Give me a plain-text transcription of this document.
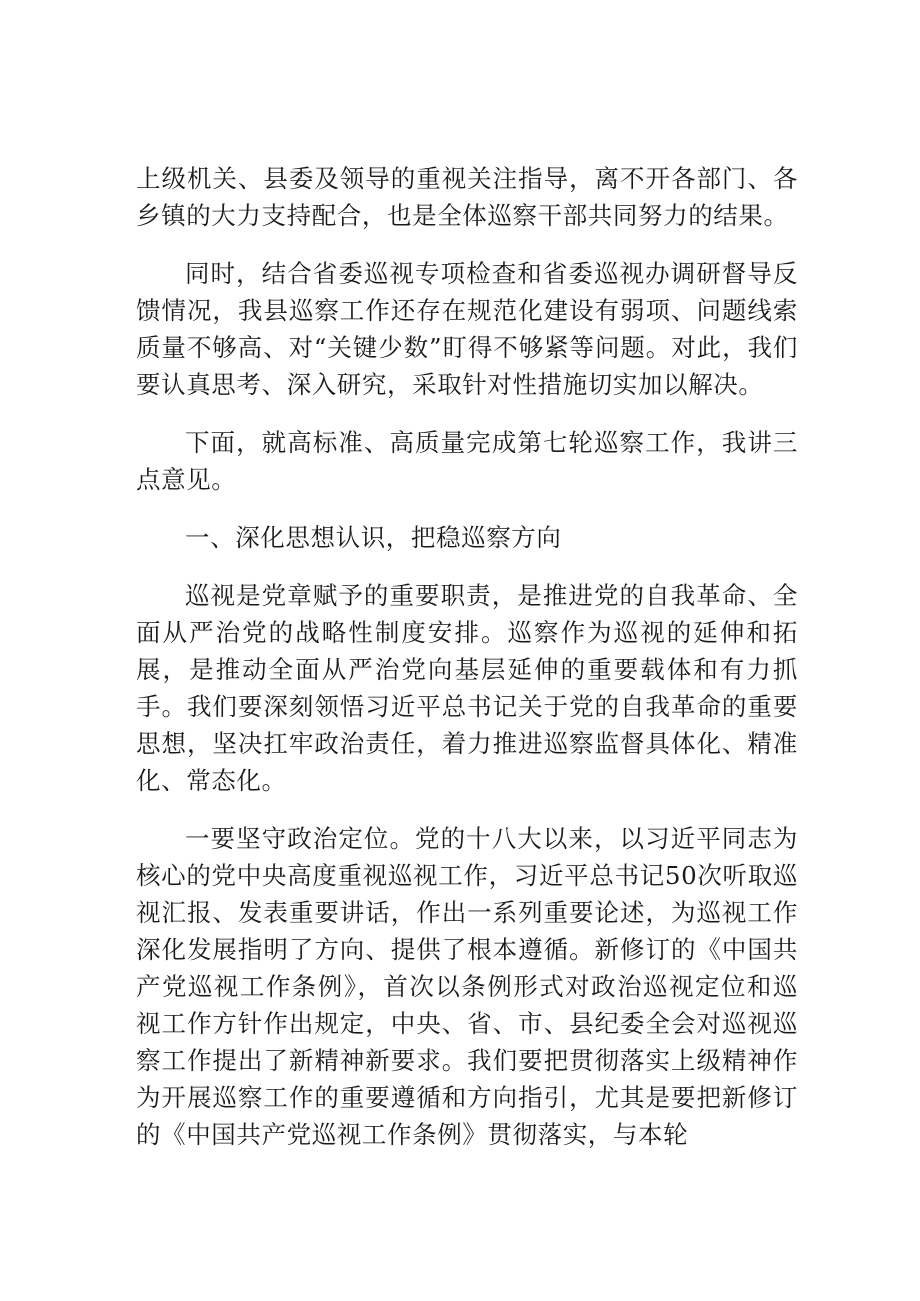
上级机关、县委及领导的重视关注指导，离不开各部门、各乡镇的大力支持配合，也是全体巡察干部共同努力的结果。

同时，结合省委巡视专项检查和省委巡视办调研督导反馈情况，我县巡察工作还存在规范化建设有弱项、问题线索质量不够高、对“关键少数”盯得不够紧等问题。对此，我们要认真思考、深入研究，采取针对性措施切实加以解决。

下面，就高标准、高质量完成第七轮巡察工作，我讲三点意见。

一、深化思想认识，把稳巡察方向

巡视是党章赋予的重要职责，是推进党的自我革命、全面从严治党的战略性制度安排。巡察作为巡视的延伸和拓展，是推动全面从严治党向基层延伸的重要载体和有力抓手。我们要深刻领悟习近平总书记关于党的自我革命的重要思想，坚决扛牢政治责任，着力推进巡察监督具体化、精准化、常态化。

一要坚守政治定位。党的十八大以来，以习近平同志为核心的党中央高度重视巡视工作，习近平总书记50次听取巡视汇报、发表重要讲话，作出一系列重要论述，为巡视工作深化发展指明了方向、提供了根本遵循。新修订的《中国共产党巡视工作条例》，首次以条例形式对政治巡视定位和巡视工作方针作出规定，中央、省、市、县纪委全会对巡视巡察工作提出了新精神新要求。我们要把贯彻落实上级精神作为开展巡察工作的重要遵循和方向指引，尤其是要把新修订的《中国共产党巡视工作条例》贯彻落实，与本轮
